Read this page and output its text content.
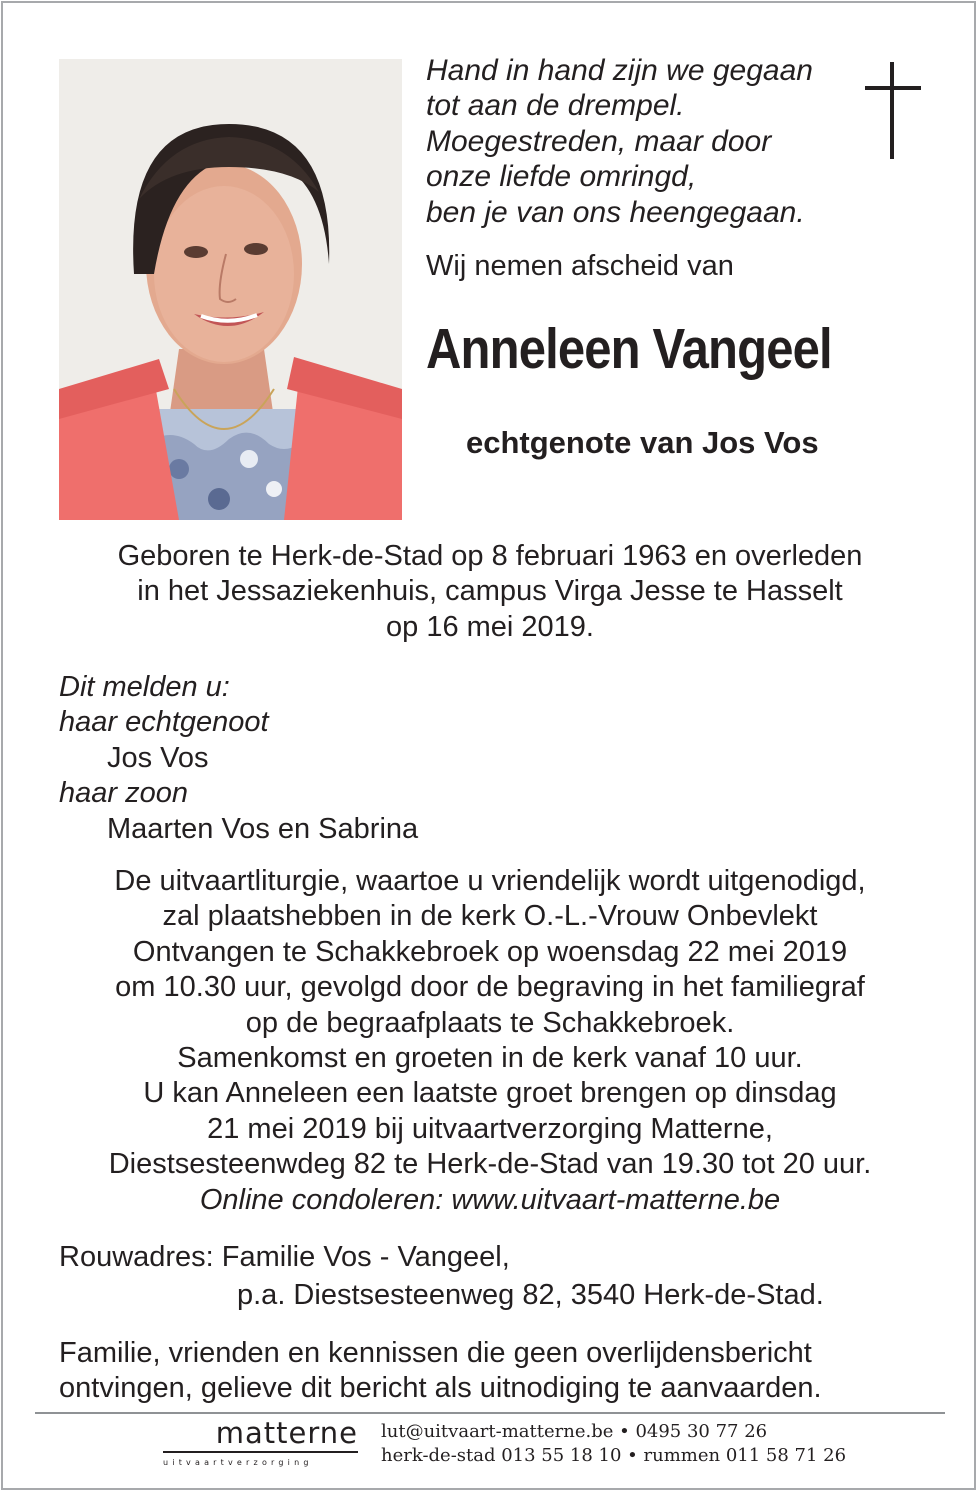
Hand in hand zijn we gegaan
tot aan de drempel.
Moegestreden, maar door
onze liefde omringd,
ben je van ons heengegaan.
Wij nemen afscheid van
Anneleen Vangeel
echtgenote van Jos Vos
Geboren te Herk-de-Stad op 8 februari 1963 en overleden
in het Jessaziekenhuis, campus Virga Jesse te Hasselt
op 16 mei 2019.
Dit melden u:
haar echtgenoot
Jos Vos
haar zoon
Maarten Vos en Sabrina
De uitvaartliturgie, waartoe u vriendelijk wordt uitgenodigd,
zal plaatshebben in de kerk O.-L.-Vrouw Onbevlekt
Ontvangen te Schakkebroek op woensdag 22 mei 2019
om 10.30 uur, gevolgd door de begraving in het familiegraf
op de begraafplaats te Schakkebroek.
Samenkomst en groeten in de kerk vanaf 10 uur.
U kan Anneleen een laatste groet brengen op dinsdag
21 mei 2019 bij uitvaartverzorging Matterne,
Diestsesteenwdeg 82 te Herk-de-Stad van 19.30 tot 20 uur.
Online condoleren: www.uitvaart-matterne.be
Rouwadres: Familie Vos - Vangeel,
p.a. Diestsesteenweg 82, 3540 Herk-de-Stad.
Familie, vrienden en kennissen die geen overlijdensbericht
ontvingen, gelieve dit bericht als uitnodiging te aanvaarden.
matterne
uitvaartverzorging
lut@uitvaart-matterne.be • 0495 30 77 26
herk-de-stad 013 55 18 10 • rummen 011 58 71 26
